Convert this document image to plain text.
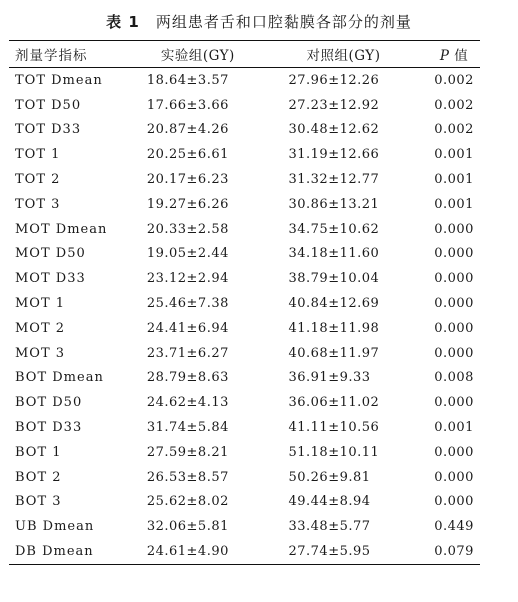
表 1 两组患者舌和口腔黏膜各部分的剂量
剂量学指标	实验组(GY)	对照组(GY)	P 值
TOT Dmean	18.64±3.57	27.96±12.26	0.002
TOT D50	17.66±3.66	27.23±12.92	0.002
TOT D33	20.87±4.26	30.48±12.62	0.002
TOT 1	20.25±6.61	31.19±12.66	0.001
TOT 2	20.17±6.23	31.32±12.77	0.001
TOT 3	19.27±6.26	30.86±13.21	0.001
MOT Dmean	20.33±2.58	34.75±10.62	0.000
MOT D50	19.05±2.44	34.18±11.60	0.000
MOT D33	23.12±2.94	38.79±10.04	0.000
MOT 1	25.46±7.38	40.84±12.69	0.000
MOT 2	24.41±6.94	41.18±11.98	0.000
MOT 3	23.71±6.27	40.68±11.97	0.000
BOT Dmean	28.79±8.63	36.91±9.33	0.008
BOT D50	24.62±4.13	36.06±11.02	0.000
BOT D33	31.74±5.84	41.11±10.56	0.001
BOT 1	27.59±8.21	51.18±10.11	0.000
BOT 2	26.53±8.57	50.26±9.81	0.000
BOT 3	25.62±8.02	49.44±8.94	0.000
UB Dmean	32.06±5.81	33.48±5.77	0.449
DB Dmean	24.61±4.90	27.74±5.95	0.079
